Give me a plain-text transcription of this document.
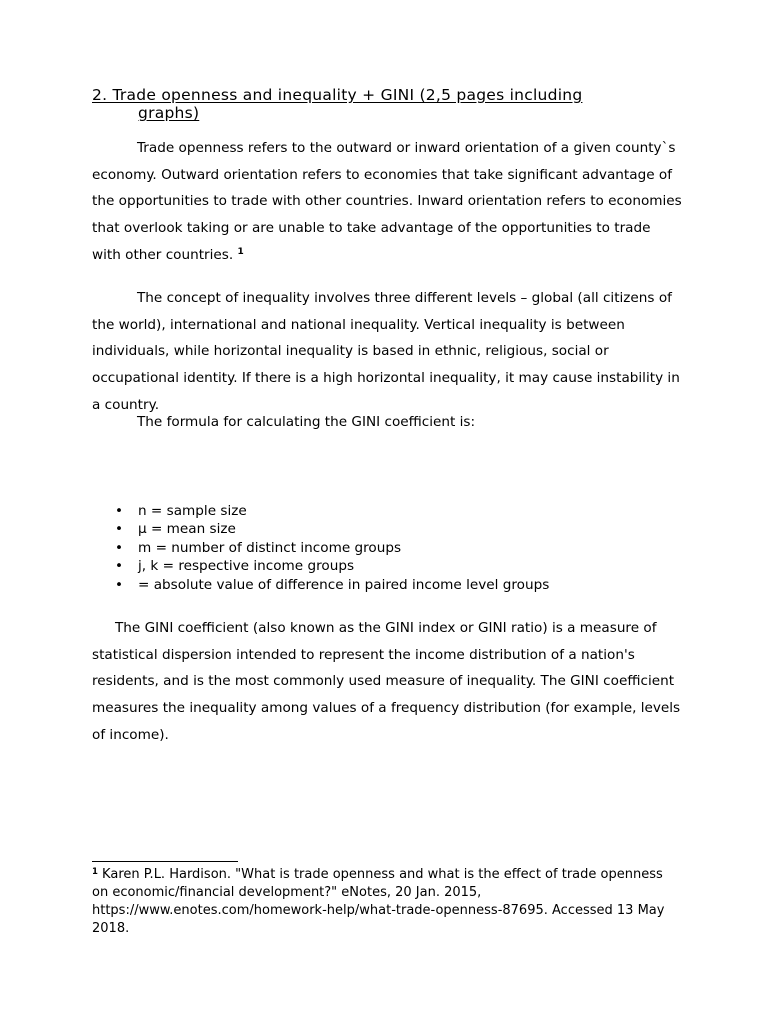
2. Trade openness and inequality + GINI (2,5 pages including
graphs)

Trade openness refers to the outward or inward orientation of a given county`s economy. Outward orientation refers to economies that take significant advantage of the opportunities to trade with other countries. Inward orientation refers to economies that overlook taking or are unable to take advantage of the opportunities to trade with other countries. $^1$

The concept of inequality involves three different levels – global (all citizens of the world), international and national inequality. Vertical inequality is between individuals, while horizontal inequality is based in ethnic, religious, social or occupational identity. If there is a high horizontal inequality, it may cause instability in a country.

The formula for calculating the GINI coefficient is:

• n = sample size
• μ = mean size
• m = number of distinct income groups
• j, k = respective income groups
• = absolute value of difference in paired income level groups

The GINI coefficient (also known as the GINI index or GINI ratio) is a measure of statistical dispersion intended to represent the income distribution of a nation's residents, and is the most commonly used measure of inequality. The GINI coefficient measures the inequality among values of a frequency distribution (for example, levels of income).

$^1$ Karen P.L. Hardison. "What is trade openness and what is the effect of trade openness on economic/financial development?" eNotes, 20 Jan. 2015, https://www.enotes.com/homework-help/what-trade-openness-87695. Accessed 13 May 2018.
